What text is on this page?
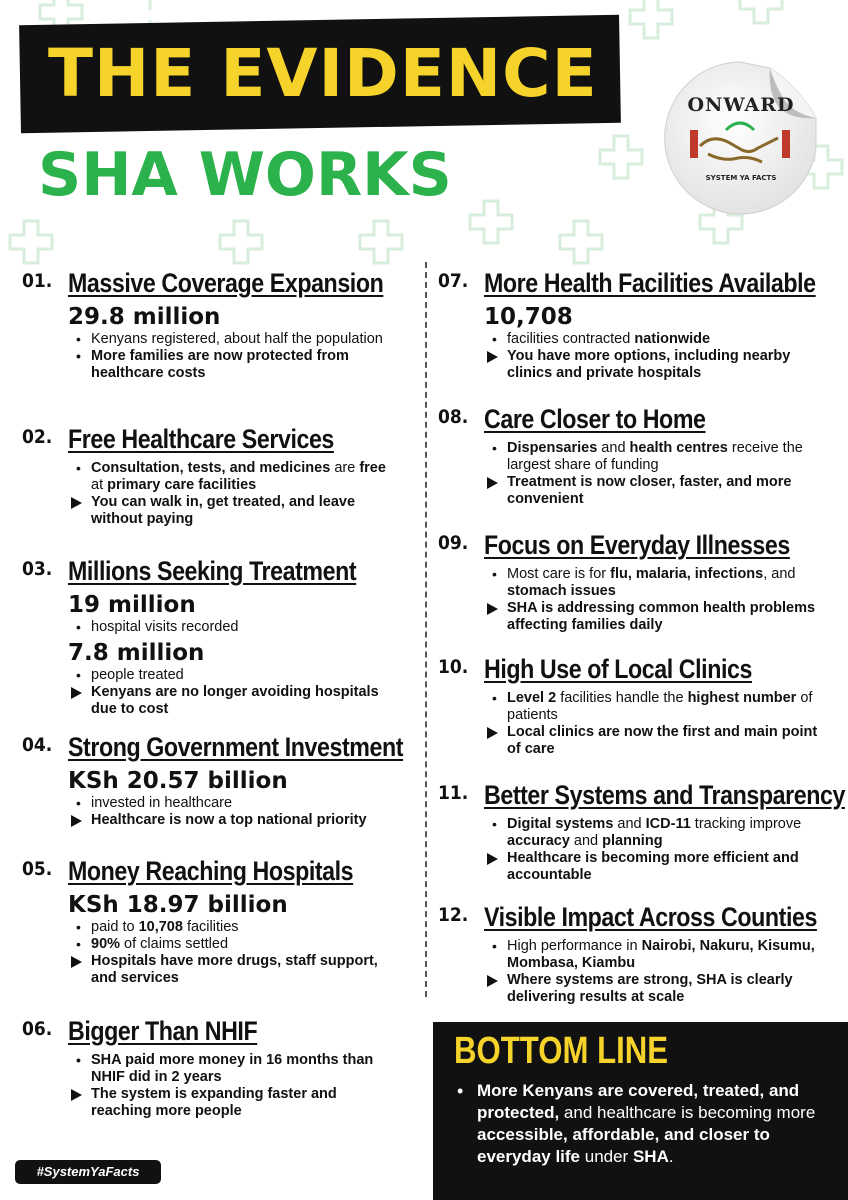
THE EVIDENCE
SHA WORKS
ONWARD
SYSTEM YA FACTS
01. Massive Coverage Expansion
29.8 million
• Kenyans registered, about half the population
• More families are now protected from healthcare costs
02. Free Healthcare Services
• Consultation, tests, and medicines are free at primary care facilities
You can walk in, get treated, and leave without paying
03. Millions Seeking Treatment
19 million
• hospital visits recorded
7.8 million
• people treated
Kenyans are no longer avoiding hospitals due to cost
04. Strong Government Investment
KSh 20.57 billion
• invested in healthcare
Healthcare is now a top national priority
05. Money Reaching Hospitals
KSh 18.97 billion
• paid to 10,708 facilities
• 90% of claims settled
Hospitals have more drugs, staff support, and services
06. Bigger Than NHIF
• SHA paid more money in 16 months than NHIF did in 2 years
The system is expanding faster and reaching more people
07. More Health Facilities Available
10,708
• facilities contracted nationwide
You have more options, including nearby clinics and private hospitals
08. Care Closer to Home
• Dispensaries and health centres receive the largest share of funding
Treatment is now closer, faster, and more convenient
09. Focus on Everyday Illnesses
• Most care is for flu, malaria, infections, and stomach issues
SHA is addressing common health problems affecting families daily
10. High Use of Local Clinics
• Level 2 facilities handle the highest number of patients
Local clinics are now the first and main point of care
11. Better Systems and Transparency
• Digital systems and ICD-11 tracking improve accuracy and planning
Healthcare is becoming more efficient and accountable
12. Visible Impact Across Counties
• High performance in Nairobi, Nakuru, Kisumu, Mombasa, Kiambu
Where systems are strong, SHA is clearly delivering results at scale
BOTTOM LINE
• More Kenyans are covered, treated, and protected, and healthcare is becoming more accessible, affordable, and closer to everyday life under SHA.
#SystemYaFacts
